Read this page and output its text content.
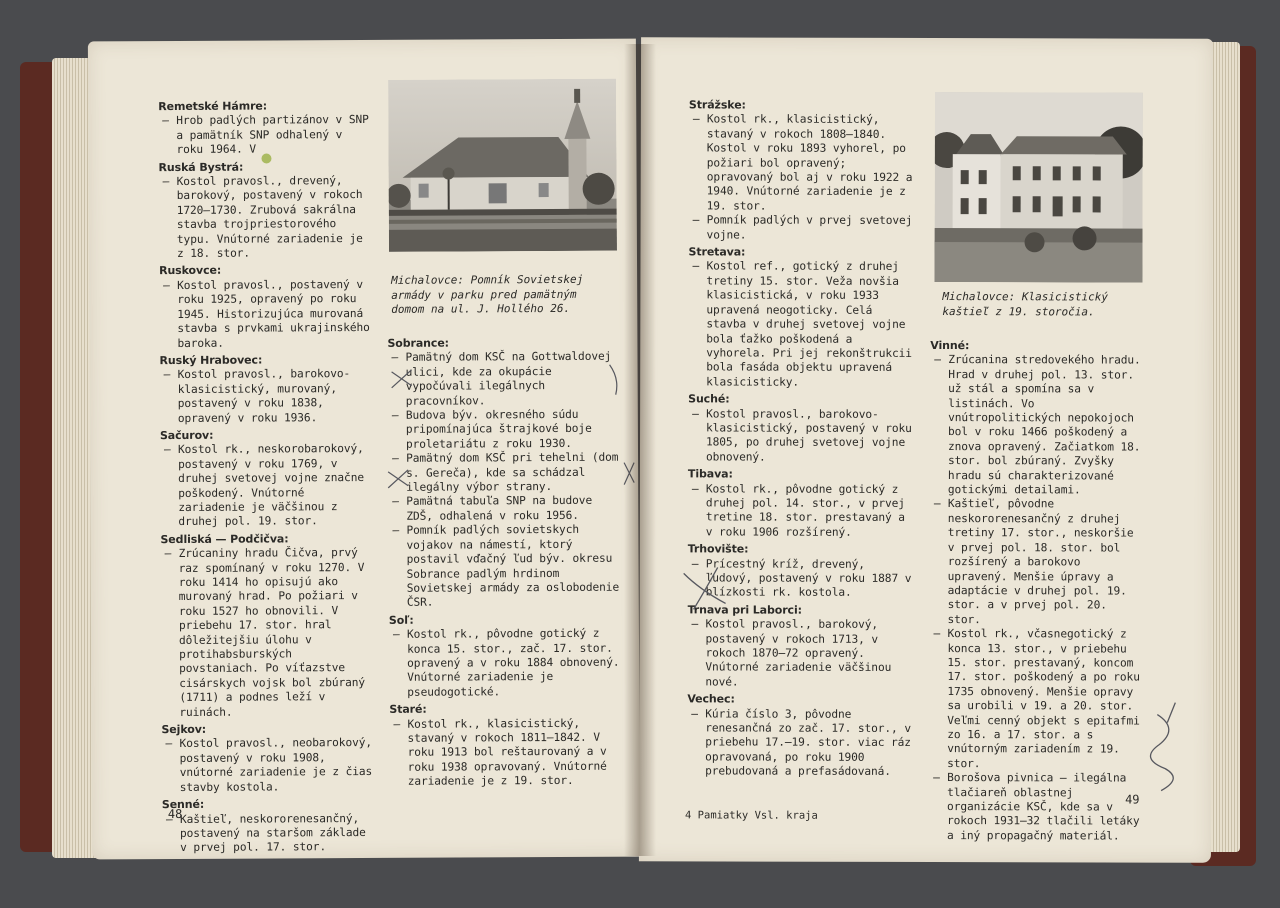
Remetské Hámre:

— Hrob padlých partizánov v SNP a pamätník SNP odhalený v roku 1964. V

Ruská Bystrá:

— Kostol pravosl., drevený, barokový, postavený v rokoch 1720—1730. Zrubová sakrálna stavba trojpriestorového typu. Vnútorné zariadenie je z 18. stor.

Ruskovce:

— Kostol pravosl., postavený v roku 1925, opravený po roku 1945. Historizujúca murovaná stavba s prvkami ukrajinského baroka.

Ruský Hrabovec:

— Kostol pravosl., barokovo-klasicistický, murovaný, postavený v roku 1838, opravený v roku 1936.

Sačurov:

— Kostol rk., neskorobarokový, postavený v roku 1769, v druhej svetovej vojne značne poškodený. Vnútorné zariadenie je väčšinou z druhej pol. 19. stor.

Sedliská — Podčičva:

— Zrúcaniny hradu Čičva, prvý raz spomínaný v roku 1270. V roku 1414 ho opisujú ako murovaný hrad. Po požiari v roku 1527 ho obnovili. V priebehu 17. stor. hral dôležitejšiu úlohu v protihabsburských povstaniach. Po víťazstve cisárskych vojsk bol zbúraný (1711) a podnes leží v ruinách.

Sejkov:

— Kostol pravosl., neobarokový, postavený v roku 1908, vnútorné zariadenie je z čias stavby kostola.

Senné:

— Kaštieľ, neskororenesančný, postavený na staršom základe v prvej pol. 17. stor.

Michalovce: Pomník Sovietskej armády v parku pred pamätným domom na ul. J. Hollého 26.
Sobrance:

— Pamätný dom KSČ na Gottwaldovej ulici, kde za okupácie vypočúvali ilegálnych pracovníkov.

— Budova býv. okresného súdu pripomínajúca štrajkové boje proletariátu z roku 1930.

— Pamätný dom KSČ pri tehelni (dom s. Gereča), kde sa schádzal ilegálny výbor strany.

— Pamätná tabuľa SNP na budove ZDŠ, odhalená v roku 1956.

— Pomník padlých sovietskych vojakov na námestí, ktorý postavil vďačný ľud býv. okresu Sobrance padlým hrdinom Sovietskej armády za oslobodenie ČSR.

Soľ:

— Kostol rk., pôvodne gotický z konca 15. stor., zač. 17. stor. opravený a v roku 1884 obnovený. Vnútorné zariadenie je pseudogotické.

Staré:

— Kostol rk., klasicistický, stavaný v rokoch 1811—1842. V roku 1913 bol reštaurovaný a v roku 1938 opravovaný. Vnútorné zariadenie je z 19. stor.

48
Strážske:

— Kostol rk., klasicistický, stavaný v rokoch 1808—1840. Kostol v roku 1893 vyhorel, po požiari bol opravený; opravovaný bol aj v roku 1922 a 1940. Vnútorné zariadenie je z 19. stor.

— Pomník padlých v prvej svetovej vojne.

Stretava:

— Kostol ref., gotický z druhej tretiny 15. stor. Veža novšia klasicistická, v roku 1933 upravená neogoticky. Celá stavba v druhej svetovej vojne bola ťažko poškodená a vyhorela. Pri jej rekonštrukcii bola fasáda objektu upravená klasicisticky.

Suché:

— Kostol pravosl., barokovo-klasicistický, postavený v roku 1805, po druhej svetovej vojne obnovený.

Tibava:

— Kostol rk., pôvodne gotický z druhej pol. 14. stor., v prvej tretine 18. stor. prestavaný a v roku 1906 rozšírený.

Trhovište:

— Prícestný kríž, drevený, ľudový, postavený v roku 1887 v blízkosti rk. kostola.

Trnava pri Laborci:

— Kostol pravosl., barokový, postavený v rokoch 1713, v rokoch 1870—72 opravený. Vnútorné zariadenie väčšinou nové.

Vechec:

— Kúria číslo 3, pôvodne renesančná zo zač. 17. stor., v priebehu 17.—19. stor. viac ráz opravovaná, po roku 1900 prebudovaná a prefasádovaná.

Michalovce: Klasicistický kaštieľ z 19. storočia.
Vinné:

— Zrúcanina stredovekého hradu. Hrad v druhej pol. 13. stor. už stál a spomína sa v listinách. Vo vnútropolitických nepokojoch bol v roku 1466 poškodený a znova opravený. Začiatkom 18. stor. bol zbúraný. Zvyšky hradu sú charakterizované gotickými detailami.

— Kaštieľ, pôvodne neskororenesančný z druhej tretiny 17. stor., neskoršie v prvej pol. 18. stor. bol rozšírený a barokovo upravený. Menšie úpravy a adaptácie v druhej pol. 19. stor. a v prvej pol. 20. stor.

— Kostol rk., včasnegotický z konca 13. stor., v priebehu 15. stor. prestavaný, koncom 17. stor. poškodený a po roku 1735 obnovený. Menšie opravy sa urobili v 19. a 20. stor. Veľmi cenný objekt s epitafmi zo 16. a 17. stor. a s vnútorným zariadením z 19. stor.

— Borošova pivnica — ilegálna tlačiareň oblastnej organizácie KSČ, kde sa v rokoch 1931—32 tlačili letáky a iný propagačný materiál.

4 Pamiatky Vsl. kraja
49
